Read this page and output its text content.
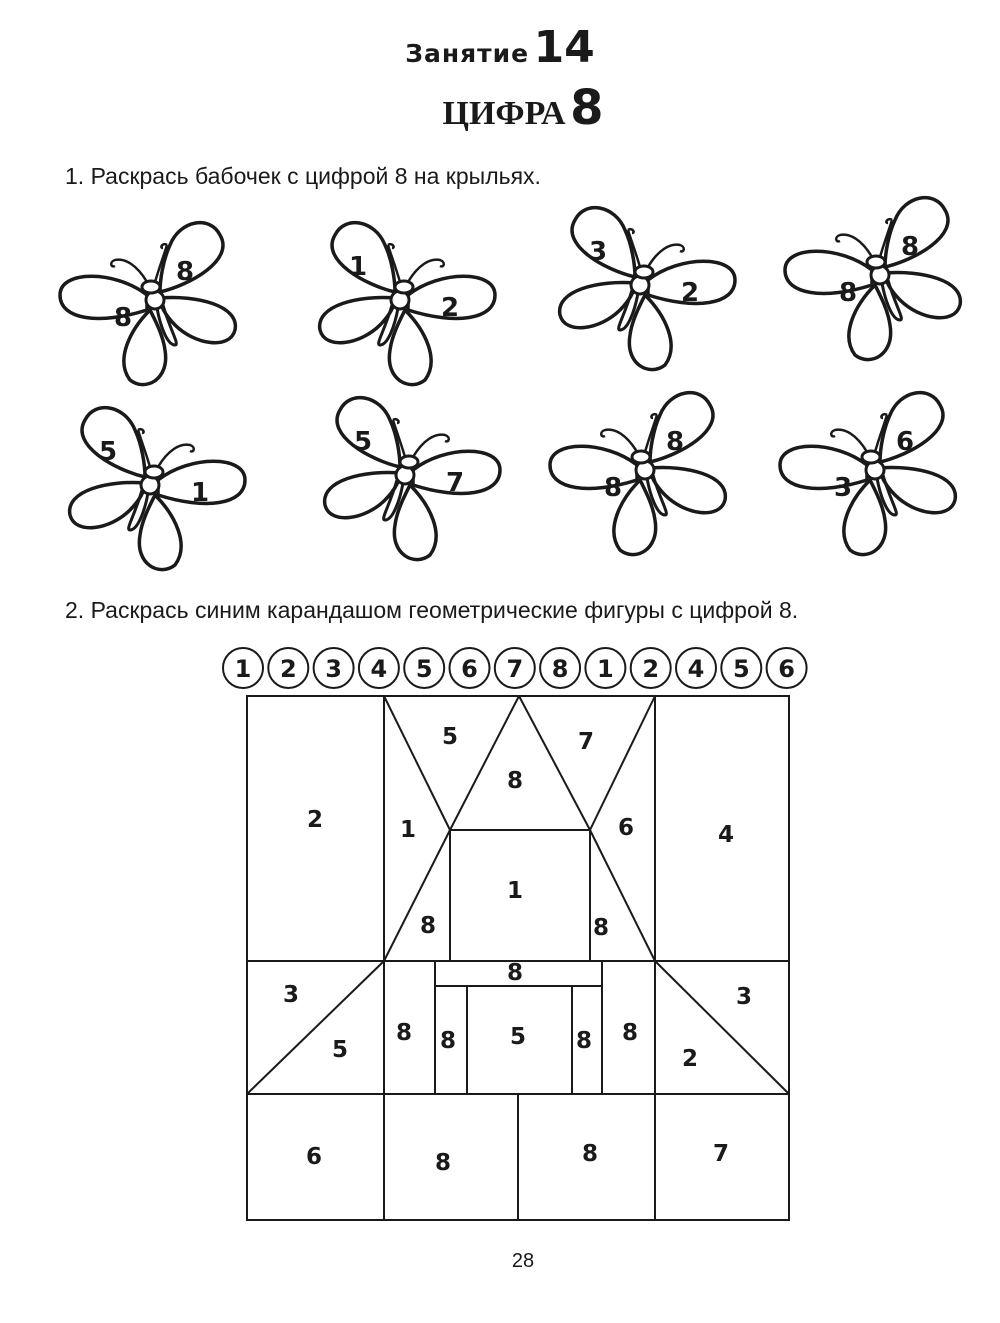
Занятие 14
ЦИФРА 8
1. Раскрась бабочек с цифрой 8 на крыльях.
2. Раскрась синим карандашом геометрические фигуры с цифрой 8.
8
8
1
2
3
2
8
8
5
1
5
7
8
8
6
3
2
5	7
8
1	6	4
1
8	8
8
3	3
8 8 5 8 8
5	2
6	8	8	7
1 2 3 4 5 6 7 8 1 2 4 5 6
28
